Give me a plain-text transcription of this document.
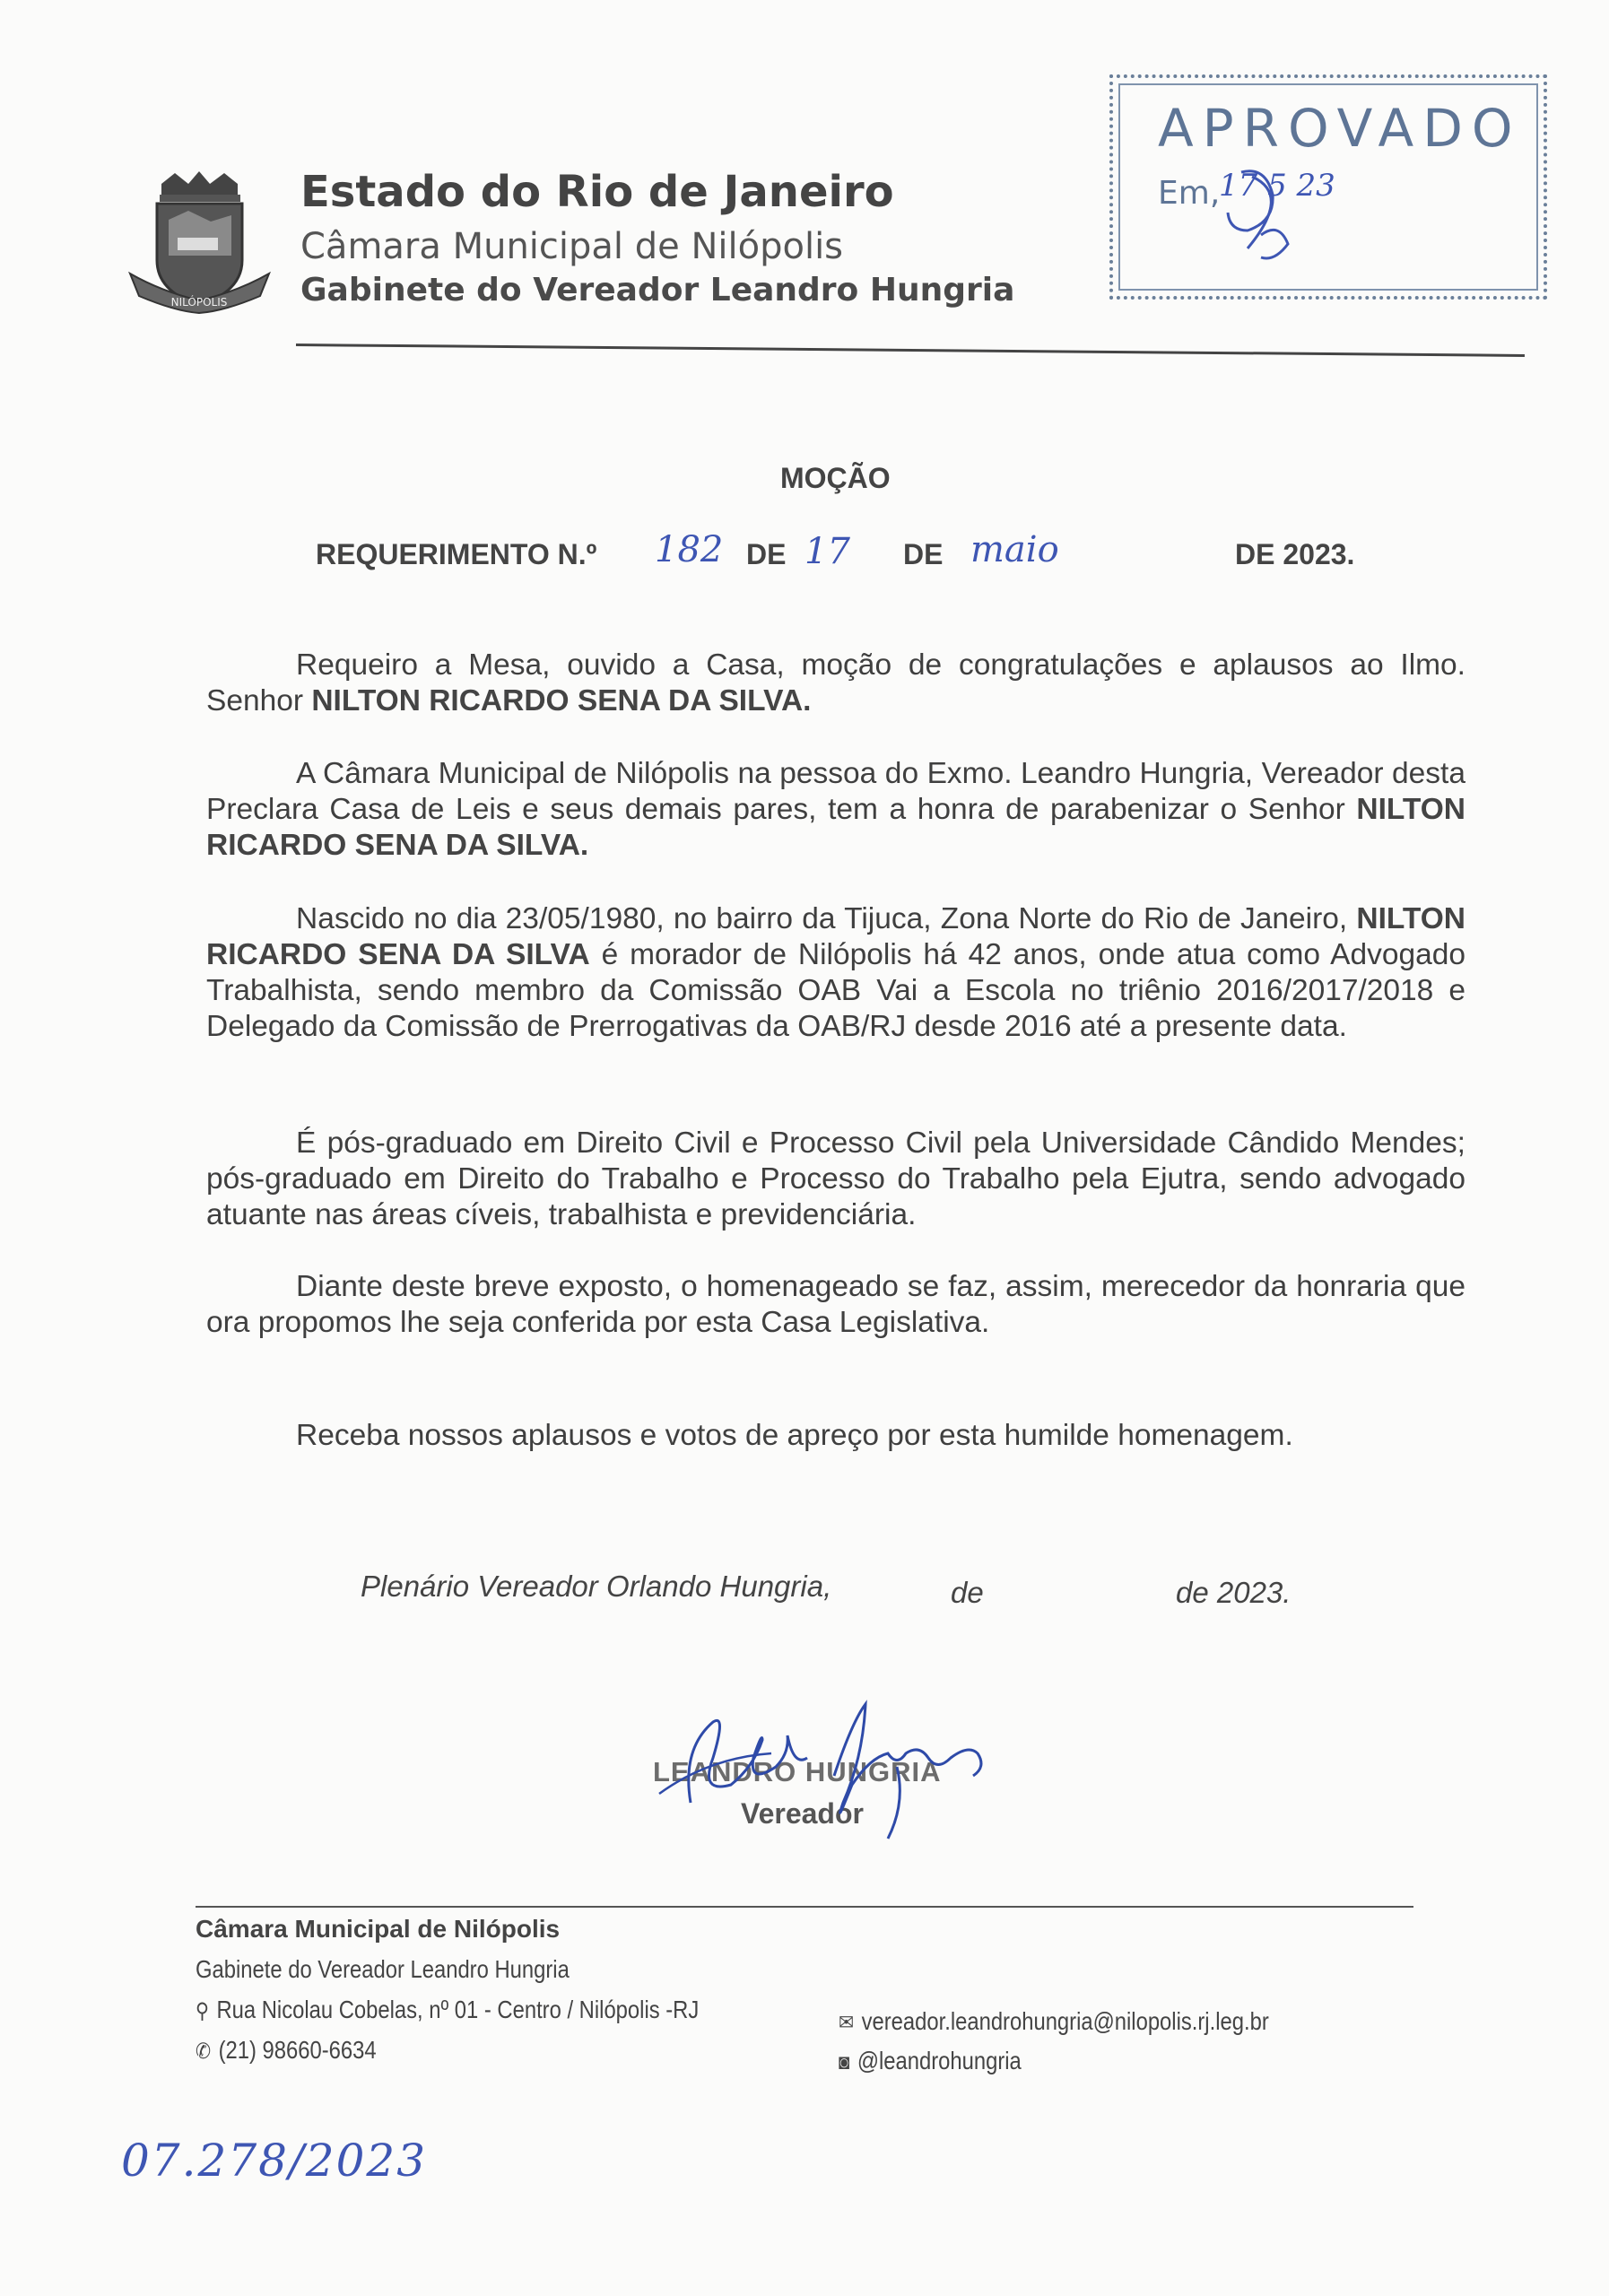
NILÓPOLIS
Estado do Rio de Janeiro
Câmara Municipal de Nilópolis
Gabinete do Vereador Leandro Hungria
APROVADO
Em,
17 5 23
MOÇÃO
REQUERIMENTO N.º 182 DE 17 DE maio	DE 2023.

Requeiro a Mesa, ouvido a Casa, moção de congratulações e aplausos ao Ilmo. Senhor NILTON RICARDO SENA DA SILVA.

A Câmara Municipal de Nilópolis na pessoa do Exmo. Leandro Hungria, Vereador desta Preclara Casa de Leis e seus demais pares, tem a honra de parabenizar o Senhor NILTON RICARDO SENA DA SILVA.

Nascido no dia 23/05/1980, no bairro da Tijuca, Zona Norte do Rio de Janeiro, NILTON RICARDO SENA DA SILVA é morador de Nilópolis há 42 anos, onde atua como Advogado Trabalhista, sendo membro da Comissão OAB Vai a Escola no triênio 2016/2017/2018 e Delegado da Comissão de Prerrogativas da OAB/RJ desde 2016 até a presente data.

É pós-graduado em Direito Civil e Processo Civil pela Universidade Cândido Mendes; pós-graduado em Direito do Trabalho e Processo do Trabalho pela Ejutra, sendo advogado atuante nas áreas cíveis, trabalhista e previdenciária.

Diante deste breve exposto, o homenageado se faz, assim, merecedor da honraria que ora propomos lhe seja conferida por esta Casa Legislativa.

Receba nossos aplausos e votos de apreço por esta humilde homenagem.
Plenário Vereador Orlando Hungria,	de	de 2023.
LEANDRO HUNGRIA
Vereador
Câmara Municipal de Nilópolis
Gabinete do Vereador Leandro Hungria
⚲ Rua Nicolau Cobelas, nº 01 - Centro / Nilópolis -RJ
✆ (21) 98660-6634
✉ vereador.leandrohungria@nilopolis.rj.leg.br
◙ @leandrohungria
07.278/2023
